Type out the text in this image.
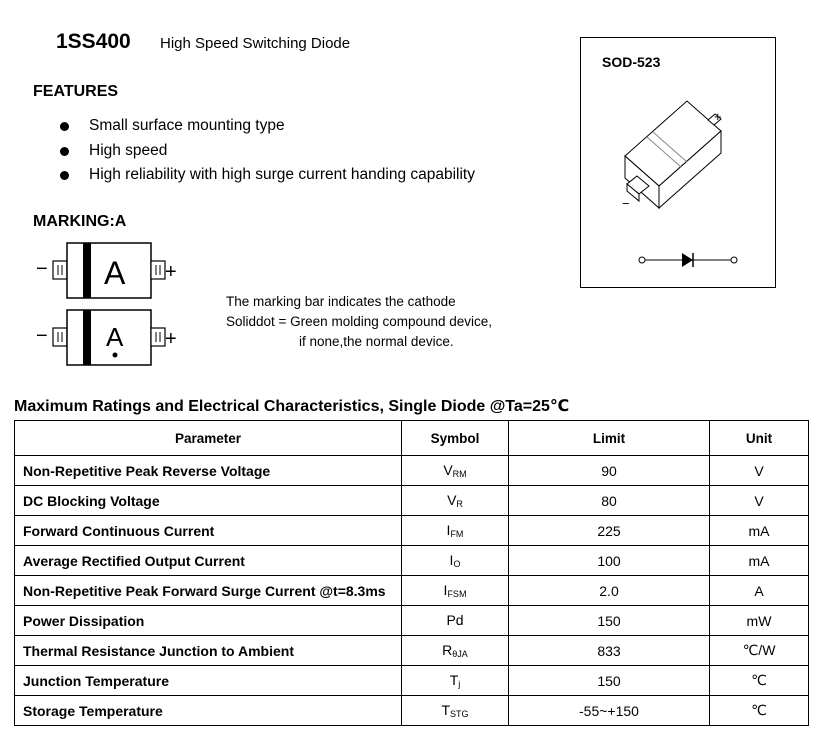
1SS400 High Speed Switching Diode
FEATURES
Small surface mounting type
High speed
High reliability with high surge current handing capability
MARKING:A
− A +
− A +
The marking bar indicates the cathode
Soliddot = Green molding compound device,
if none,the normal device.
SOD-523
+
−
Maximum Ratings and Electrical Characteristics, Single Diode @Ta=25℃
Parameter	Symbol	Limit	Unit
Non-Repetitive Peak Reverse Voltage	$V_{RM}$	90	V
DC Blocking Voltage	$V_R$	80	V
Forward Continuous Current	$I_{FM}$	225	mA
Average Rectified Output Current	$I_O$	100	mA
Non-Repetitive Peak Forward Surge Current @t=8.3ms	$I_{FSM}$	2.0	A
Power Dissipation	Pd	150	mW
Thermal Resistance Junction to Ambient	$R_{\theta JA}$	833	℃/W
Junction Temperature	$T_j$	150	℃
Storage Temperature	$T_{STG}$	-55~+150	℃
